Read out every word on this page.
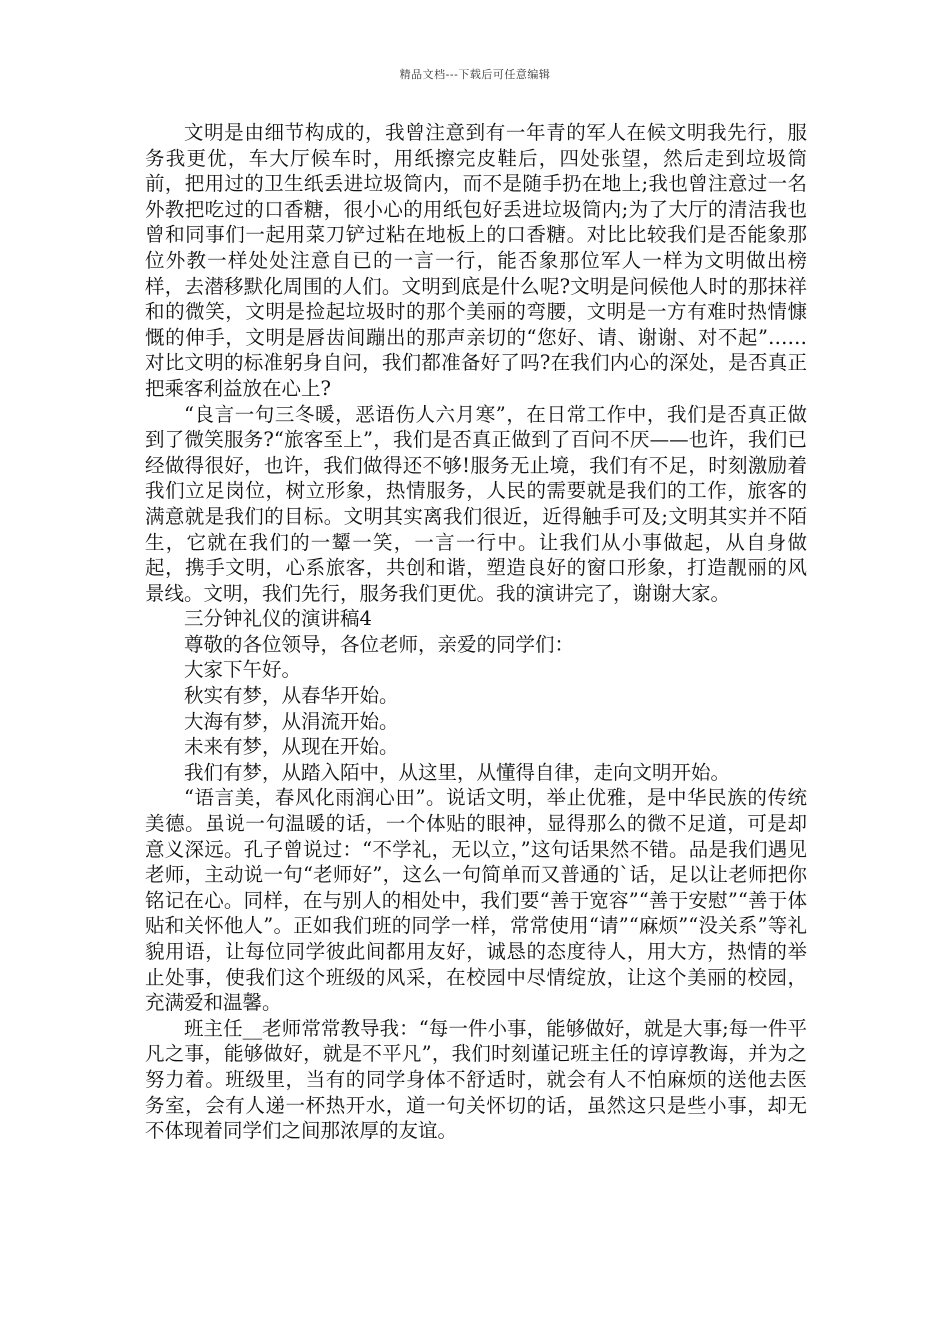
精品文档---下载后可任意编辑

文明是由细节构成的，我曾注意到有一年青的军人在候文明我先行，服务我更优，车大厅候车时，用纸擦完皮鞋后，四处张望，然后走到垃圾筒前，把用过的卫生纸丢进垃圾筒内，而不是随手扔在地上;我也曾注意过一名外教把吃过的口香糖，很小心的用纸包好丢进垃圾筒内;为了大厅的清洁我也曾和同事们一起用菜刀铲过粘在地板上的口香糖。对比比较我们是否能象那位外教一样处处注意自已的一言一行，能否象那位军人一样为文明做出榜样，去潜移默化周围的人们。文明到底是什么呢?文明是问候他人时的那抹祥和的微笑，文明是捡起垃圾时的那个美丽的弯腰，文明是一方有难时热情慷慨的伸手，文明是唇齿间蹦出的那声亲切的“您好、请、谢谢、对不起”……对比文明的标准躬身自问，我们都准备好了吗?在我们内心的深处，是否真正把乘客利益放在心上?

“良言一句三冬暖，恶语伤人六月寒”，在日常工作中，我们是否真正做到了微笑服务?“旅客至上”，我们是否真正做到了百问不厌——也许，我们已经做得很好，也许，我们做得还不够!服务无止境，我们有不足，时刻激励着我们立足岗位，树立形象，热情服务，人民的需要就是我们的工作，旅客的满意就是我们的目标。文明其实离我们很近，近得触手可及;文明其实并不陌生，它就在我们的一颦一笑，一言一行中。让我们从小事做起，从自身做起，携手文明，心系旅客，共创和谐，塑造良好的窗口形象，打造靓丽的风景线。文明，我们先行，服务我们更优。我的演讲完了，谢谢大家。

三分钟礼仪的演讲稿4

尊敬的各位领导，各位老师，亲爱的同学们：

大家下午好。

秋实有梦，从春华开始。

大海有梦，从涓流开始。

未来有梦，从现在开始。

我们有梦，从踏入陌中，从这里，从懂得自律，走向文明开始。

“语言美，春风化雨润心田”。说话文明，举止优雅，是中华民族的传统美德。虽说一句温暖的话，一个体贴的眼神，显得那么的微不足道，可是却意义深远。孔子曾说过：“不学礼，无以立，”这句话果然不错。品是我们遇见老师，主动说一句“老师好”，这么一句简单而又普通的`话，足以让老师把你铭记在心。同样，在与别人的相处中，我们要“善于宽容”“善于安慰”“善于体贴和关怀他人”。正如我们班的同学一样，常常使用“请”“麻烦”“没关系”等礼貌用语，让每位同学彼此间都用友好，诚恳的态度待人，用大方，热情的举止处事，使我们这个班级的风采，在校园中尽情绽放，让这个美丽的校园，充满爱和温馨。

班主任__老师常常教导我：“每一件小事，能够做好，就是大事;每一件平凡之事，能够做好，就是不平凡”，我们时刻谨记班主任的谆谆教诲，并为之努力着。班级里，当有的同学身体不舒适时，就会有人不怕麻烦的送他去医务室，会有人递一杯热开水，道一句关怀切的话，虽然这只是些小事，却无不体现着同学们之间那浓厚的友谊。
